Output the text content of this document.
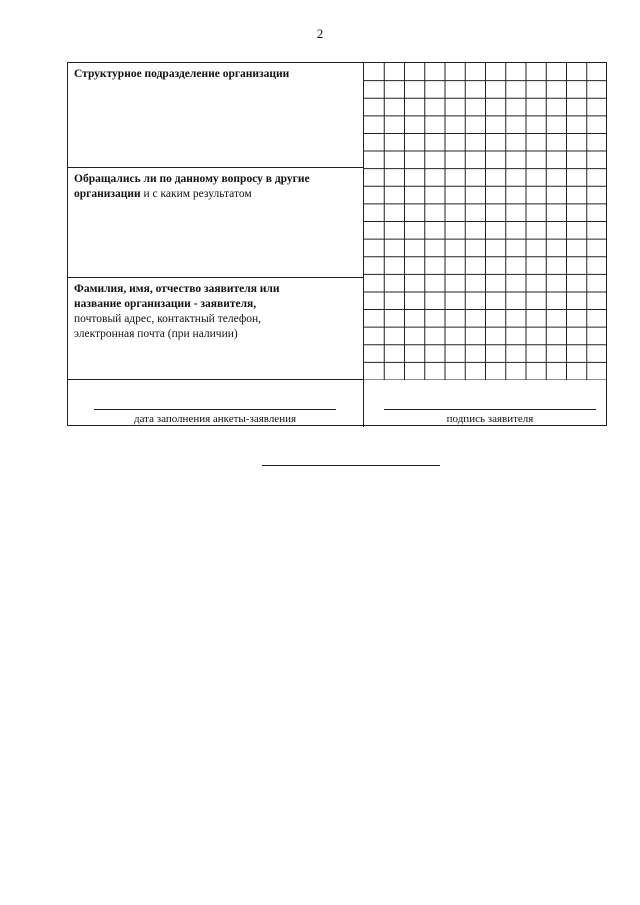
2
Структурное подразделение организации
Обращались ли по данному вопросу в другие
организации и с каким результатом
Фамилия, имя, отчество заявителя или
название организации - заявителя,
почтовый адрес, контактный телефон,
электронная почта (при наличии)
дата заполнения анкеты-заявления	подпись заявителя
